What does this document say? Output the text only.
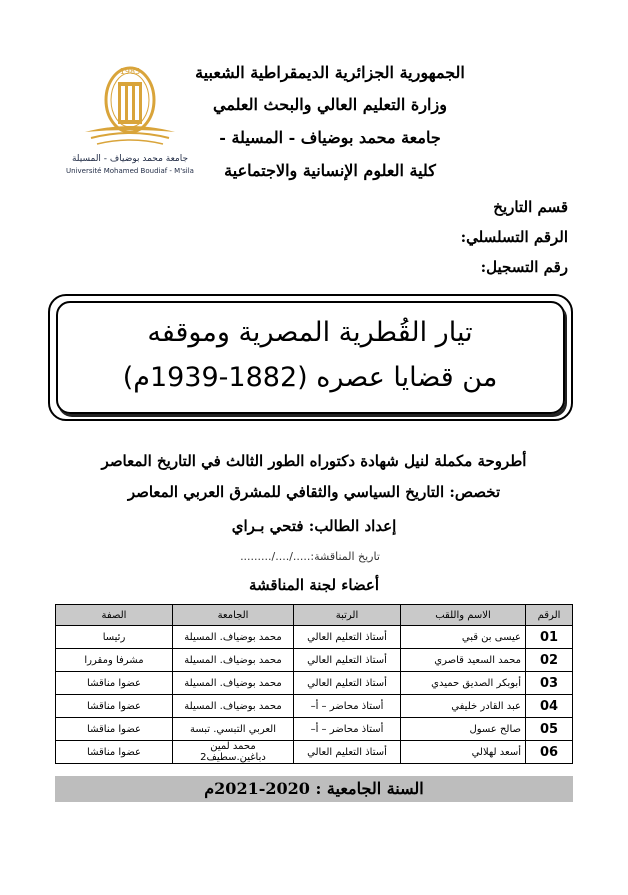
الجمهورية الجزائرية الديمقراطية الشعبية
وزارة التعليم العالي والبحث العلمي
جامعة محمد بوضياف - المسيلة -
كلية العلوم الإنسانية والاجتماعية
1985
جامعة محمد بوضياف - المسيلة
Université Mohamed Boudiaf - M'sila
قسم التاريخ
الرقم التسلسلي:
رقم التسجيل:
تيار القُطرية المصرية وموقفه
من قضايا عصره (1882-1939م)
أطروحة مكملة لنيل شهادة دكتوراه الطور الثالث في التاريخ المعاصر
تخصص: التاريخ السياسي والثقافي للمشرق العربي المعاصر
إعداد الطالب: فتحي بـراي
تاريخ المناقشة:...../..../.........
أعضاء لجنة المناقشة
الرقم	الاسم واللقب	الرتبة	الجامعة	الصفة
01	عيسى بن قبي	أستاذ التعليم العالي	محمد بوضياف. المسيلة	رئيسا
02	محمد السعيد قاصري	أستاذ التعليم العالي	محمد بوضياف. المسيلة	مشرفا ومقررا
03	أبوبكر الصديق حميدي	أستاذ التعليم العالي	محمد بوضياف. المسيلة	عضوا مناقشا
04	عبد القادر خليفي	أستاذ محاضر – أ–	محمد بوضياف. المسيلة	عضوا مناقشا
05	صالح عسول	أستاذ محاضر – أ–	العربي التبسي. تبسة	عضوا مناقشا
06	أسعد لهلالي	أستاذ التعليم العالي	محمد لمين دباغين.سطيف2	عضوا مناقشا
السنة الجامعية : 2020-2021م
